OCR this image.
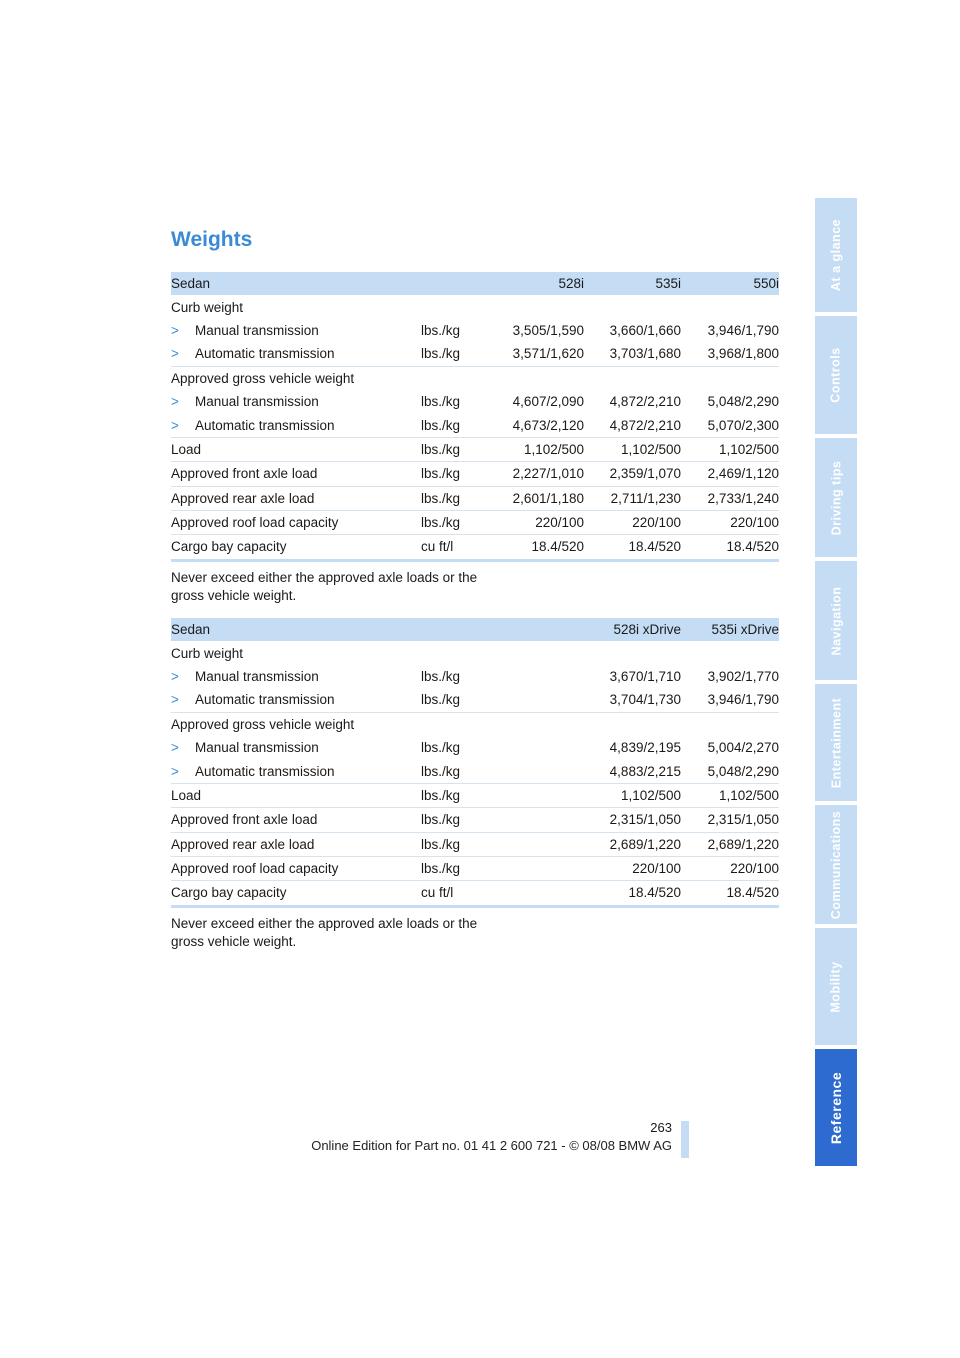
Weights
Sedan		528i	535i	550i
Curb weight				
> Manual transmission	lbs./kg	3,505/1,590	3,660/1,660	3,946/1,790
> Automatic transmission	lbs./kg	3,571/1,620	3,703/1,680	3,968/1,800
Approved gross vehicle weight				
> Manual transmission	lbs./kg	4,607/2,090	4,872/2,210	5,048/2,290
> Automatic transmission	lbs./kg	4,673/2,120	4,872/2,210	5,070/2,300
Load	lbs./kg	1,102/500	1,102/500	1,102/500
Approved front axle load	lbs./kg	2,227/1,010	2,359/1,070	2,469/1,120
Approved rear axle load	lbs./kg	2,601/1,180	2,711/1,230	2,733/1,240
Approved roof load capacity	lbs./kg	220/100	220/100	220/100
Cargo bay capacity	cu ft/l	18.4/520	18.4/520	18.4/520

Never exceed either the approved axle loads or the gross vehicle weight.

Sedan			528i xDrive	535i xDrive
Curb weight				
> Manual transmission	lbs./kg		3,670/1,710	3,902/1,770
> Automatic transmission	lbs./kg		3,704/1,730	3,946/1,790
Approved gross vehicle weight				
> Manual transmission	lbs./kg		4,839/2,195	5,004/2,270
> Automatic transmission	lbs./kg		4,883/2,215	5,048/2,290
Load	lbs./kg		1,102/500	1,102/500
Approved front axle load	lbs./kg		2,315/1,050	2,315/1,050
Approved rear axle load	lbs./kg		2,689/1,220	2,689/1,220
Approved roof load capacity	lbs./kg		220/100	220/100
Cargo bay capacity	cu ft/l		18.4/520	18.4/520

Never exceed either the approved axle loads or the gross vehicle weight.

At a glance
Controls
Driving tips
Navigation
Entertainment
Communications
Mobility
Reference

263

Online Edition for Part no. 01 41 2 600 721 - © 08/08 BMW AG
